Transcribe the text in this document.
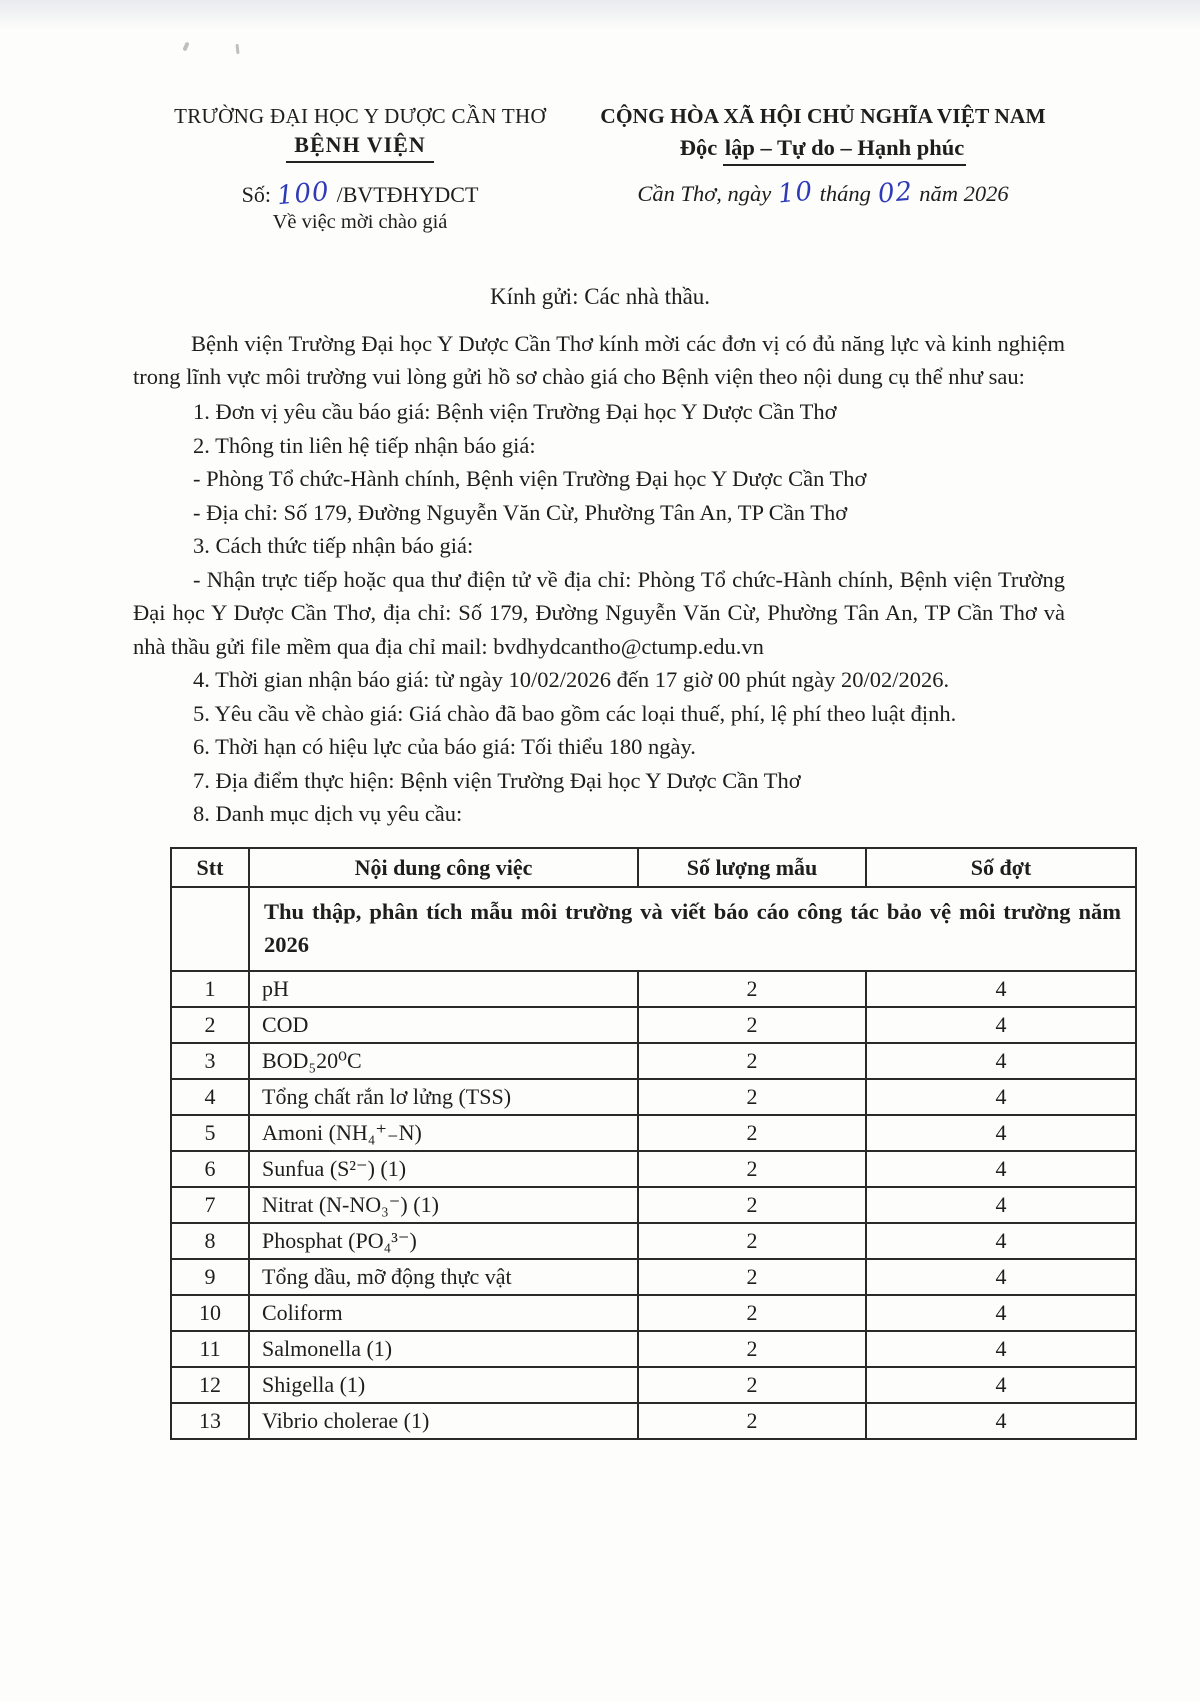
TRƯỜNG ĐẠI HỌC Y DƯỢC CẦN THƠ
BỆNH VIỆN
Số: 100 /BVTĐHYDCT
Về việc mời chào giá
CỘNG HÒA XÃ HỘI CHỦ NGHĨA VIỆT NAM
Độc lập – Tự do – Hạnh phúc
Cần Thơ, ngày 10 tháng 02 năm 2026
Kính gửi: Các nhà thầu.

Bệnh viện Trường Đại học Y Dược Cần Thơ kính mời các đơn vị có đủ năng lực và kinh nghiệm trong lĩnh vực môi trường vui lòng gửi hồ sơ chào giá cho Bệnh viện theo nội dung cụ thể như sau:

1. Đơn vị yêu cầu báo giá: Bệnh viện Trường Đại học Y Dược Cần Thơ
2. Thông tin liên hệ tiếp nhận báo giá:
- Phòng Tổ chức-Hành chính, Bệnh viện Trường Đại học Y Dược Cần Thơ
- Địa chỉ: Số 179, Đường Nguyễn Văn Cừ, Phường Tân An, TP Cần Thơ
3. Cách thức tiếp nhận báo giá:
- Nhận trực tiếp hoặc qua thư điện tử về địa chỉ: Phòng Tổ chức-Hành chính, Bệnh viện Trường Đại học Y Dược Cần Thơ, địa chỉ: Số 179, Đường Nguyễn Văn Cừ, Phường Tân An, TP Cần Thơ và nhà thầu gửi file mềm qua địa chỉ mail: bvdhydcantho@ctump.edu.vn
4. Thời gian nhận báo giá: từ ngày 10/02/2026 đến 17 giờ 00 phút ngày 20/02/2026.
5. Yêu cầu về chào giá: Giá chào đã bao gồm các loại thuế, phí, lệ phí theo luật định.
6. Thời hạn có hiệu lực của báo giá: Tối thiểu 180 ngày.
7. Địa điểm thực hiện: Bệnh viện Trường Đại học Y Dược Cần Thơ
8. Danh mục dịch vụ yêu cầu:
Stt	Nội dung công việc	Số lượng mẫu	Số đợt
	Thu thập, phân tích mẫu môi trường và viết báo cáo công tác bảo vệ môi trường năm 2026		
1	pH	2	4
2	COD	2	4
3	BOD₅20⁰C	2	4
4	Tổng chất rắn lơ lửng (TSS)	2	4
5	Amoni (NH₄⁺₋N)	2	4
6	Sunfua (S²⁻) (1)	2	4
7	Nitrat (N-NO₃⁻) (1)	2	4
8	Phosphat (PO₄³⁻)	2	4
9	Tổng dầu, mỡ động thực vật	2	4
10	Coliform	2	4
11	Salmonella (1)	2	4
12	Shigella (1)	2	4
13	Vibrio cholerae (1)	2	4
